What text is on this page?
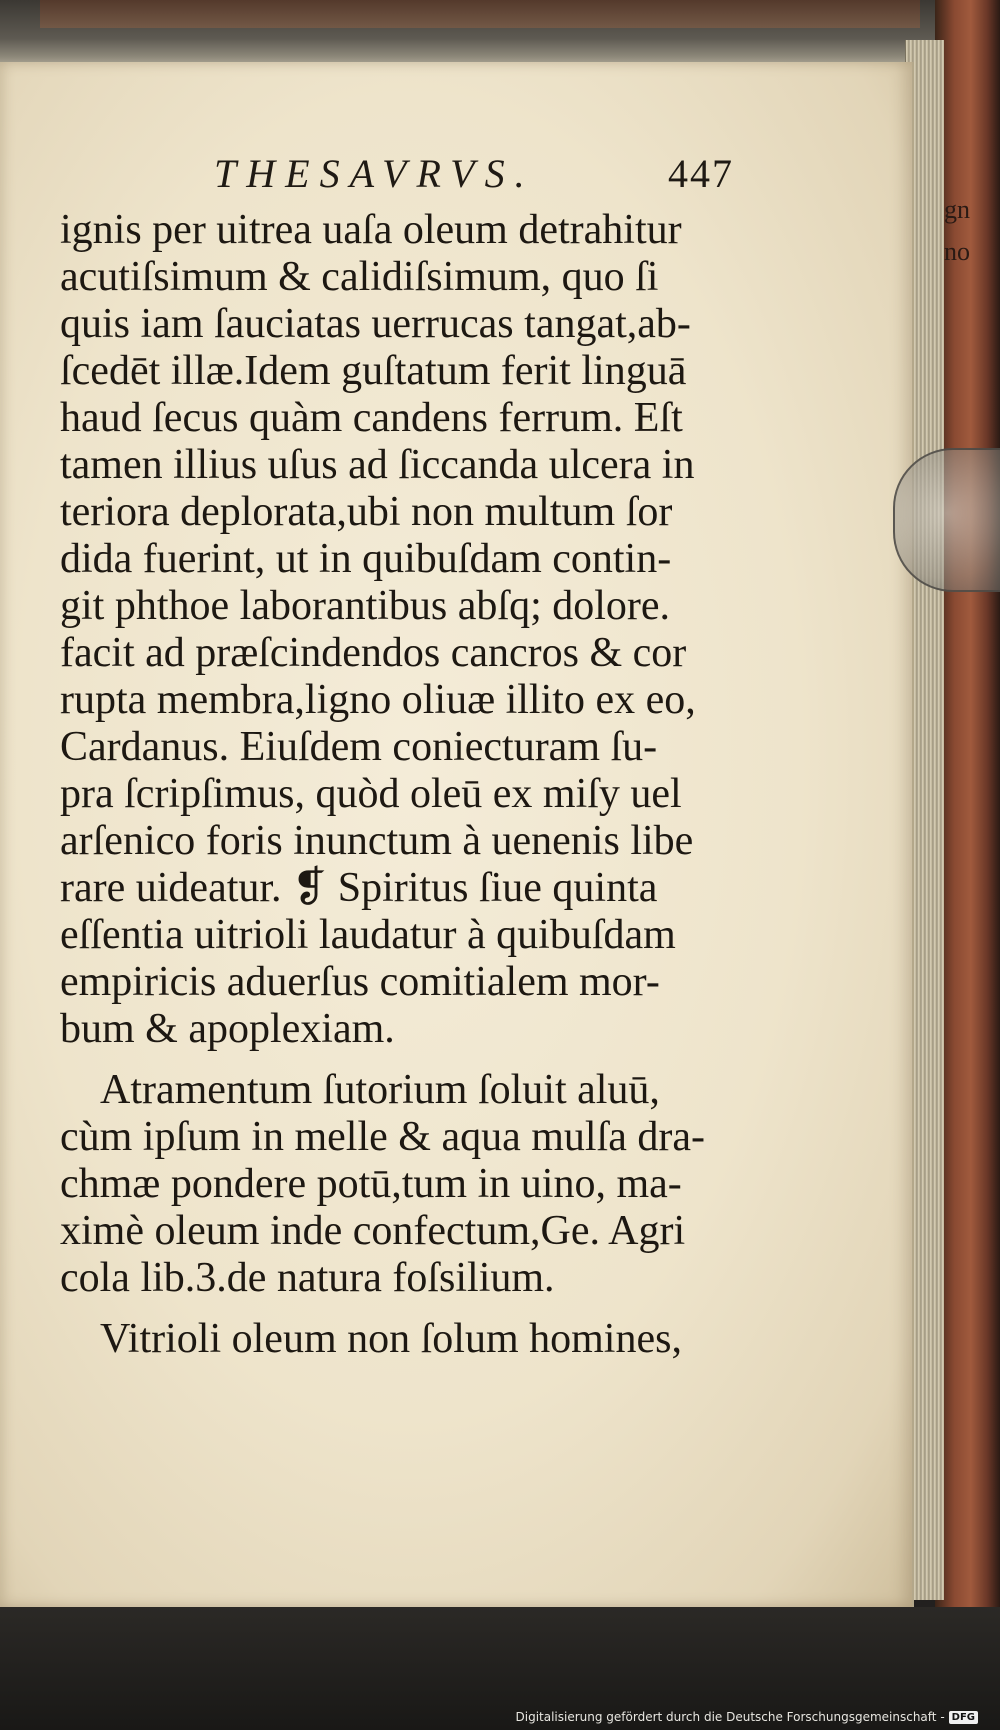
gn
no
THESAVRVS.	447
ignis per uitrea uaſa oleum detrahitur
acutiſsimum & calidiſsimum, quo ſi
quis iam ſauciatas uerrucas tangat,ab-
ſcedēt illæ.Idem guſtatum ferit linguā
haud ſecus quàm candens ferrum. Eſt
tamen illius uſus ad ſiccanda ulcera in
teriora deplorata,ubi non multum ſor
dida fuerint, ut in quibuſdam contin-
git phthoe laborantibus abſq; dolore.
facit ad præſcindendos cancros & cor
rupta membra,ligno oliuæ illito ex eo,
Cardanus. Eiuſdem coniecturam ſu-
pra ſcripſimus, quòd oleū ex miſy uel
arſenico foris inunctum à uenenis libe
rare uideatur. ❡ Spiritus ſiue quinta
eſſentia uitrioli laudatur à quibuſdam
empiricis aduerſus comitialem mor-
bum & apoplexiam.
Atramentum ſutorium ſoluit aluū,
cùm ipſum in melle & aqua mulſa dra-
chmæ pondere potū,tum in uino, ma-
ximè oleum inde confectum,Ge. Agri
cola lib.3.de natura foſsilium.
Vitrioli oleum non ſolum homines,
Digitalisierung gefördert durch die Deutsche Forschungsgemeinschaft - DFG
